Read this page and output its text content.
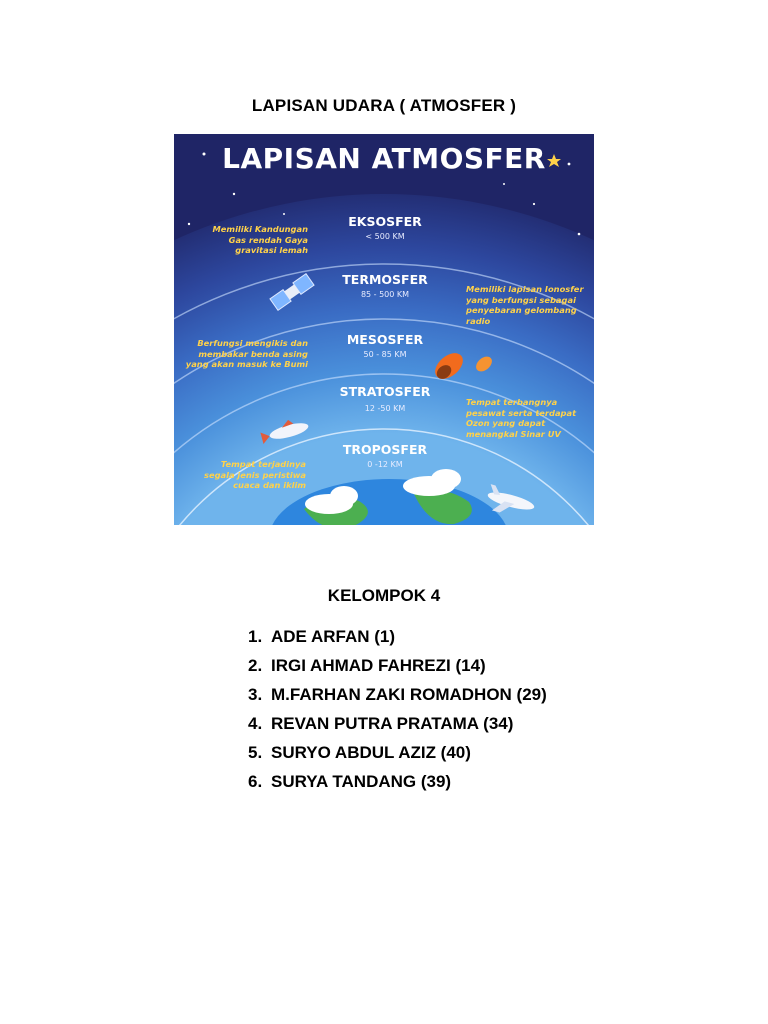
LAPISAN UDARA ( ATMOSFER )
LAPISAN ATMOSFER
EKSOSFER
< 500 KM
TERMOSFER
85 - 500 KM
MESOSFER
50 - 85 KM
STRATOSFER
12 -50 KM
TROPOSFER
0 -12 KM
Memiliki Kandungan Gas rendah Gaya gravitasi lemah
Memiliki lapisan Ionosfer yang berfungsi sebagai penyebaran gelombang radio
Berfungsi mengikis dan membakar benda asing yang akan masuk ke Bumi
Tempat terbangnya pesawat serta terdapat Ozon yang dapat menangkal Sinar UV
Tempat terjadinya segala jenis peristiwa cuaca dan iklim
KELOMPOK 4
1. ADE ARFAN (1)
2. IRGI AHMAD FAHREZI (14)
3. M.FARHAN ZAKI ROMADHON (29)
4. REVAN PUTRA PRATAMA (34)
5. SURYO ABDUL AZIZ (40)
6. SURYA TANDANG (39)
